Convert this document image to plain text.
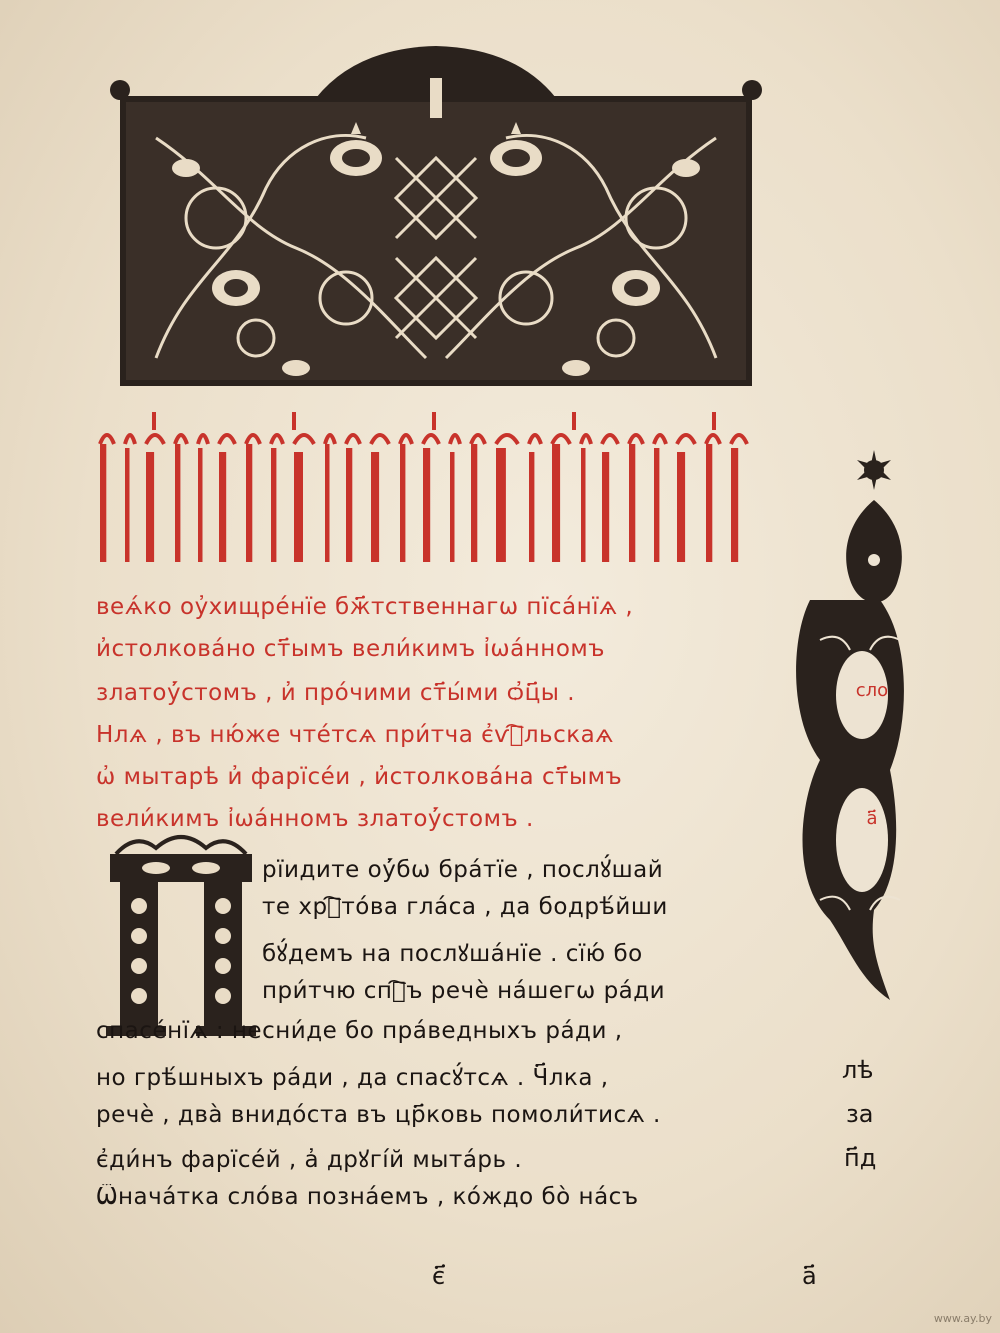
веѧ́ко оу҆хищре́нїе бж҃тственнагѡ пїса́нїѧ ,
и҆столкова́но ст҃ымъ вели́кимъ і҆ѡа́нномъ
златоу҆́стомъ , и҆ про́чими ст҃ы́ми ѻ҆ц҃ы .
Нлѧ , въ ню́же чте́тсѧ при́тча є҆ѵⷢ҇льскаѧ
ѡ҆ мытарѣ и҆ фарїсе́и , и҆столкова́на ст҃ымъ
вели́кимъ і҆ѡа́нномъ златоу҆́стомъ .
рїидите оу҆́бѡ бра́тїе , послꙋ́шай
те хрⷭ҇то́ва гла́са , да бодрѣ́йши
бꙋ́демъ на послꙋша́нїе . сїю́ бо
при́тчю спⷭ҇ъ речѐ на́шегѡ ра́ди
спасе́нїѧ : несни́де бо пра́ведныхъ ра́ди ,
но грѣ́шныхъ ра́ди , да спасꙋ́тсѧ . Ч҃лка ,
речѐ , два̀ внидо́ста въ цр҃ковь помоли́тисѧ .
є҆ди́нъ фарїсе́й , а҆ дрꙋгі́й мыта́рь .
Ѿнача́тка сло́ва позна́емъ , ко́ждо бо̀ на́съ
сло
а҃
лѣ
за
п҃д
є҃	а҃
www.ay.by
